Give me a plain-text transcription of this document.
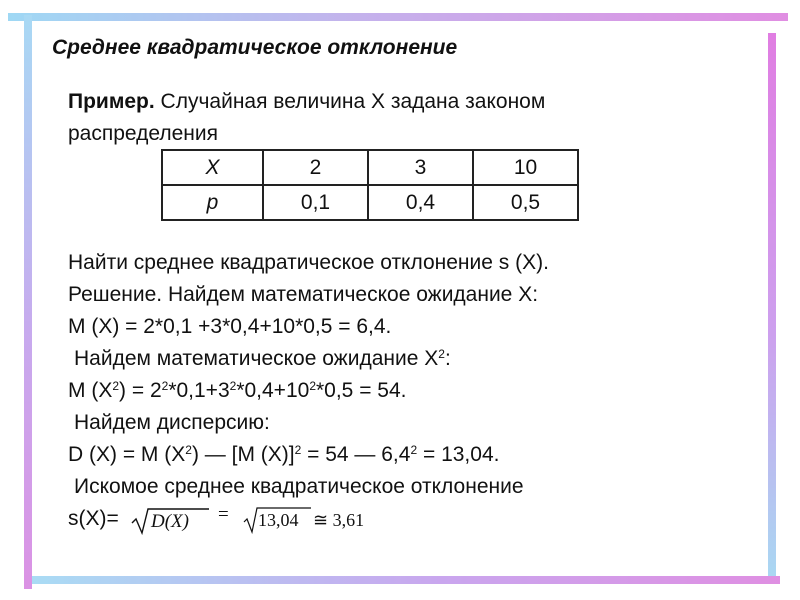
Среднее квадратическое отклонение
Пример. Случайная величина X задана законом
распределения
X	2	3	10
p	0,1	0,4	0,5
Найти среднее квадратическое отклонение s (X).
Решение. Найдем математическое ожидание X:
M (X) = 2*0,1 +3*0,4+10*0,5 = 6,4.
Найдем математическое ожидание $X^2$:
M $(X^2) = 2^2*0,1+3^2*0,4+10^2*0,5 = 54$.
Найдем дисперсию:
D (X) = M $(X^2)$ — [M (X)]$^2$ = 54 — $6,4^2 = 13,04$.
Искомое среднее квадратическое отклонение
s(X)= D(X) = 13,04 ≅ 3,61
